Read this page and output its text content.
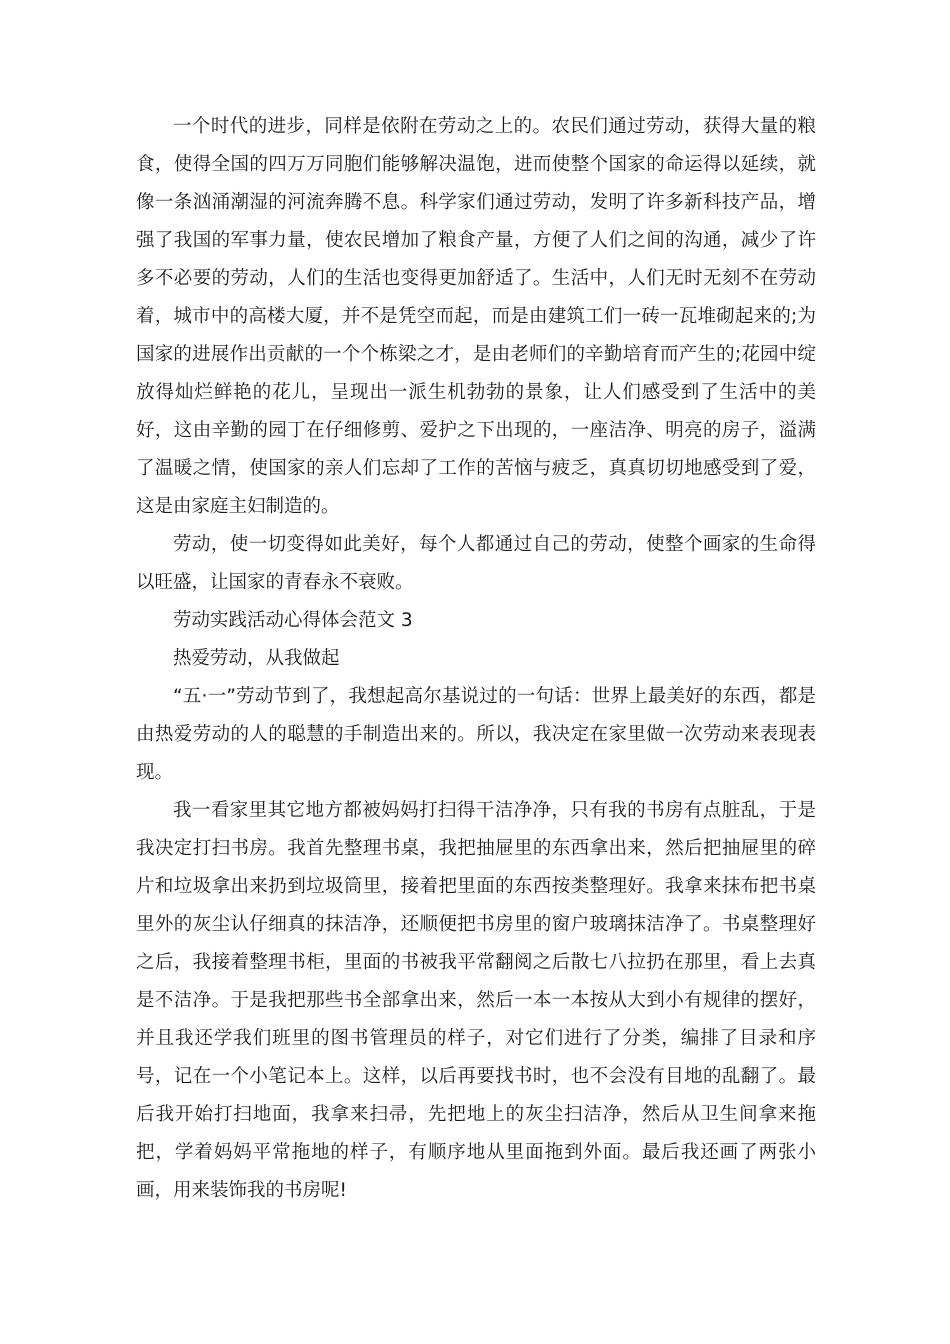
一个时代的进步，同样是依附在劳动之上的。农民们通过劳动，获得大量的粮食，使得全国的四万万同胞们能够解决温饱，进而使整个国家的命运得以延续，就像一条汹涌潮湿的河流奔腾不息。科学家们通过劳动，发明了许多新科技产品，增强了我国的军事力量，使农民增加了粮食产量，方便了人们之间的沟通，减少了许多不必要的劳动，人们的生活也变得更加舒适了。生活中，人们无时无刻不在劳动着，城市中的高楼大厦，并不是凭空而起，而是由建筑工们一砖一瓦堆砌起来的;为国家的进展作出贡献的一个个栋梁之才，是由老师们的辛勤培育而产生的;花园中绽放得灿烂鲜艳的花儿，呈现出一派生机勃勃的景象，让人们感受到了生活中的美好，这由辛勤的园丁在仔细修剪、爱护之下出现的，一座洁净、明亮的房子，溢满了温暖之情，使国家的亲人们忘却了工作的苦恼与疲乏，真真切切地感受到了爱，这是由家庭主妇制造的。

劳动，使一切变得如此美好，每个人都通过自己的劳动，使整个画家的生命得以旺盛，让国家的青春永不衰败。

劳动实践活动心得体会范文 3

热爱劳动，从我做起

“五·一”劳动节到了，我想起高尔基说过的一句话：世界上最美好的东西，都是由热爱劳动的人的聪慧的手制造出来的。所以，我决定在家里做一次劳动来表现表现。

我一看家里其它地方都被妈妈打扫得干洁净净，只有我的书房有点脏乱，于是我决定打扫书房。我首先整理书桌，我把抽屉里的东西拿出来，然后把抽屉里的碎片和垃圾拿出来扔到垃圾筒里，接着把里面的东西按类整理好。我拿来抹布把书桌里外的灰尘认仔细真的抹洁净，还顺便把书房里的窗户玻璃抹洁净了。书桌整理好之后，我接着整理书柜，里面的书被我平常翻阅之后散七八拉扔在那里，看上去真是不洁净。于是我把那些书全部拿出来，然后一本一本按从大到小有规律的摆好，并且我还学我们班里的图书管理员的样子，对它们进行了分类，编排了目录和序号，记在一个小笔记本上。这样，以后再要找书时，也不会没有目地的乱翻了。最后我开始打扫地面，我拿来扫帚，先把地上的灰尘扫洁净，然后从卫生间拿来拖把，学着妈妈平常拖地的样子，有顺序地从里面拖到外面。最后我还画了两张小画，用来装饰我的书房呢!
